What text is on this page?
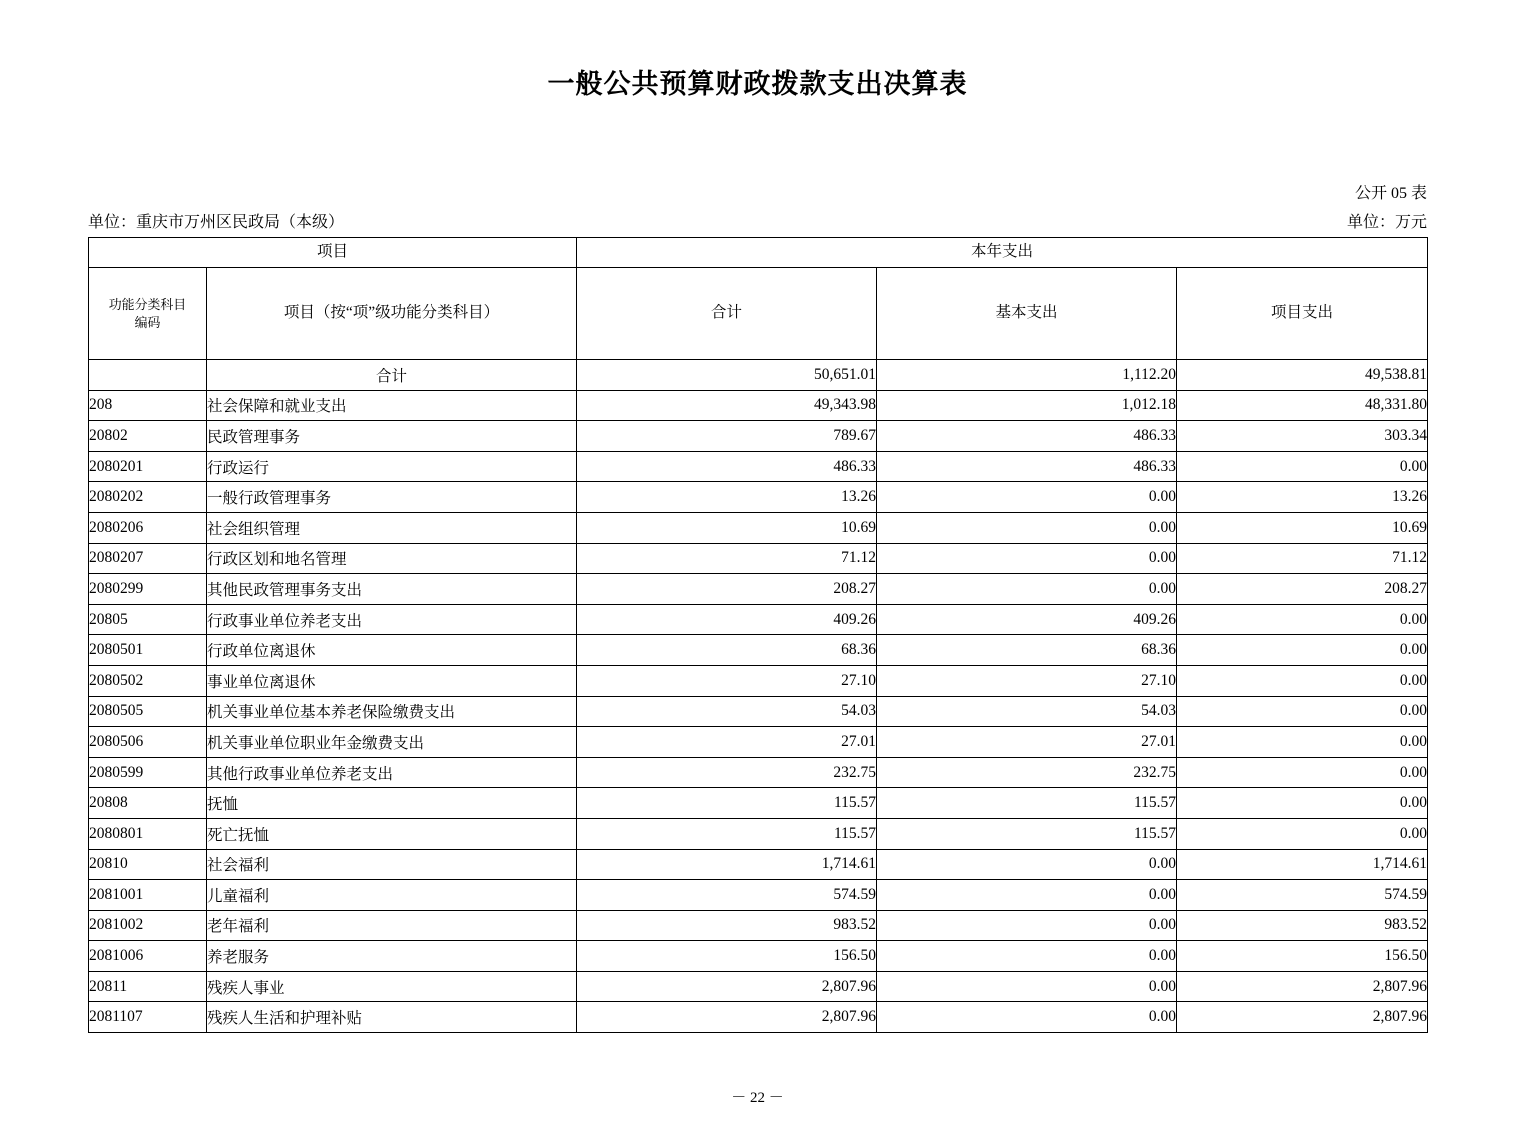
一般公共预算财政拨款支出决算表
公开 05 表
单位：重庆市万州区民政局（本级）	单位：万元
项目		本年支出		

功能分类科目
编码	项目（按“项”级功能分类科目）	合计	基本支出	项目支出
	合计	50,651.01	1,112.20	49,538.81
208	社会保障和就业支出	49,343.98	1,012.18	48,331.80
20802	民政管理事务	789.67	486.33	303.34
2080201	行政运行	486.33	486.33	0.00
2080202	一般行政管理事务	13.26	0.00	13.26
2080206	社会组织管理	10.69	0.00	10.69
2080207	行政区划和地名管理	71.12	0.00	71.12
2080299	其他民政管理事务支出	208.27	0.00	208.27
20805	行政事业单位养老支出	409.26	409.26	0.00
2080501	行政单位离退休	68.36	68.36	0.00
2080502	事业单位离退休	27.10	27.10	0.00
2080505	机关事业单位基本养老保险缴费支出	54.03	54.03	0.00
2080506	机关事业单位职业年金缴费支出	27.01	27.01	0.00
2080599	其他行政事业单位养老支出	232.75	232.75	0.00
20808	抚恤	115.57	115.57	0.00
2080801	死亡抚恤	115.57	115.57	0.00
20810	社会福利	1,714.61	0.00	1,714.61
2081001	儿童福利	574.59	0.00	574.59
2081002	老年福利	983.52	0.00	983.52
2081006	养老服务	156.50	0.00	156.50
20811	残疾人事业	2,807.96	0.00	2,807.96
2081107	残疾人生活和护理补贴	2,807.96	0.00	2,807.96
－ 22 －
